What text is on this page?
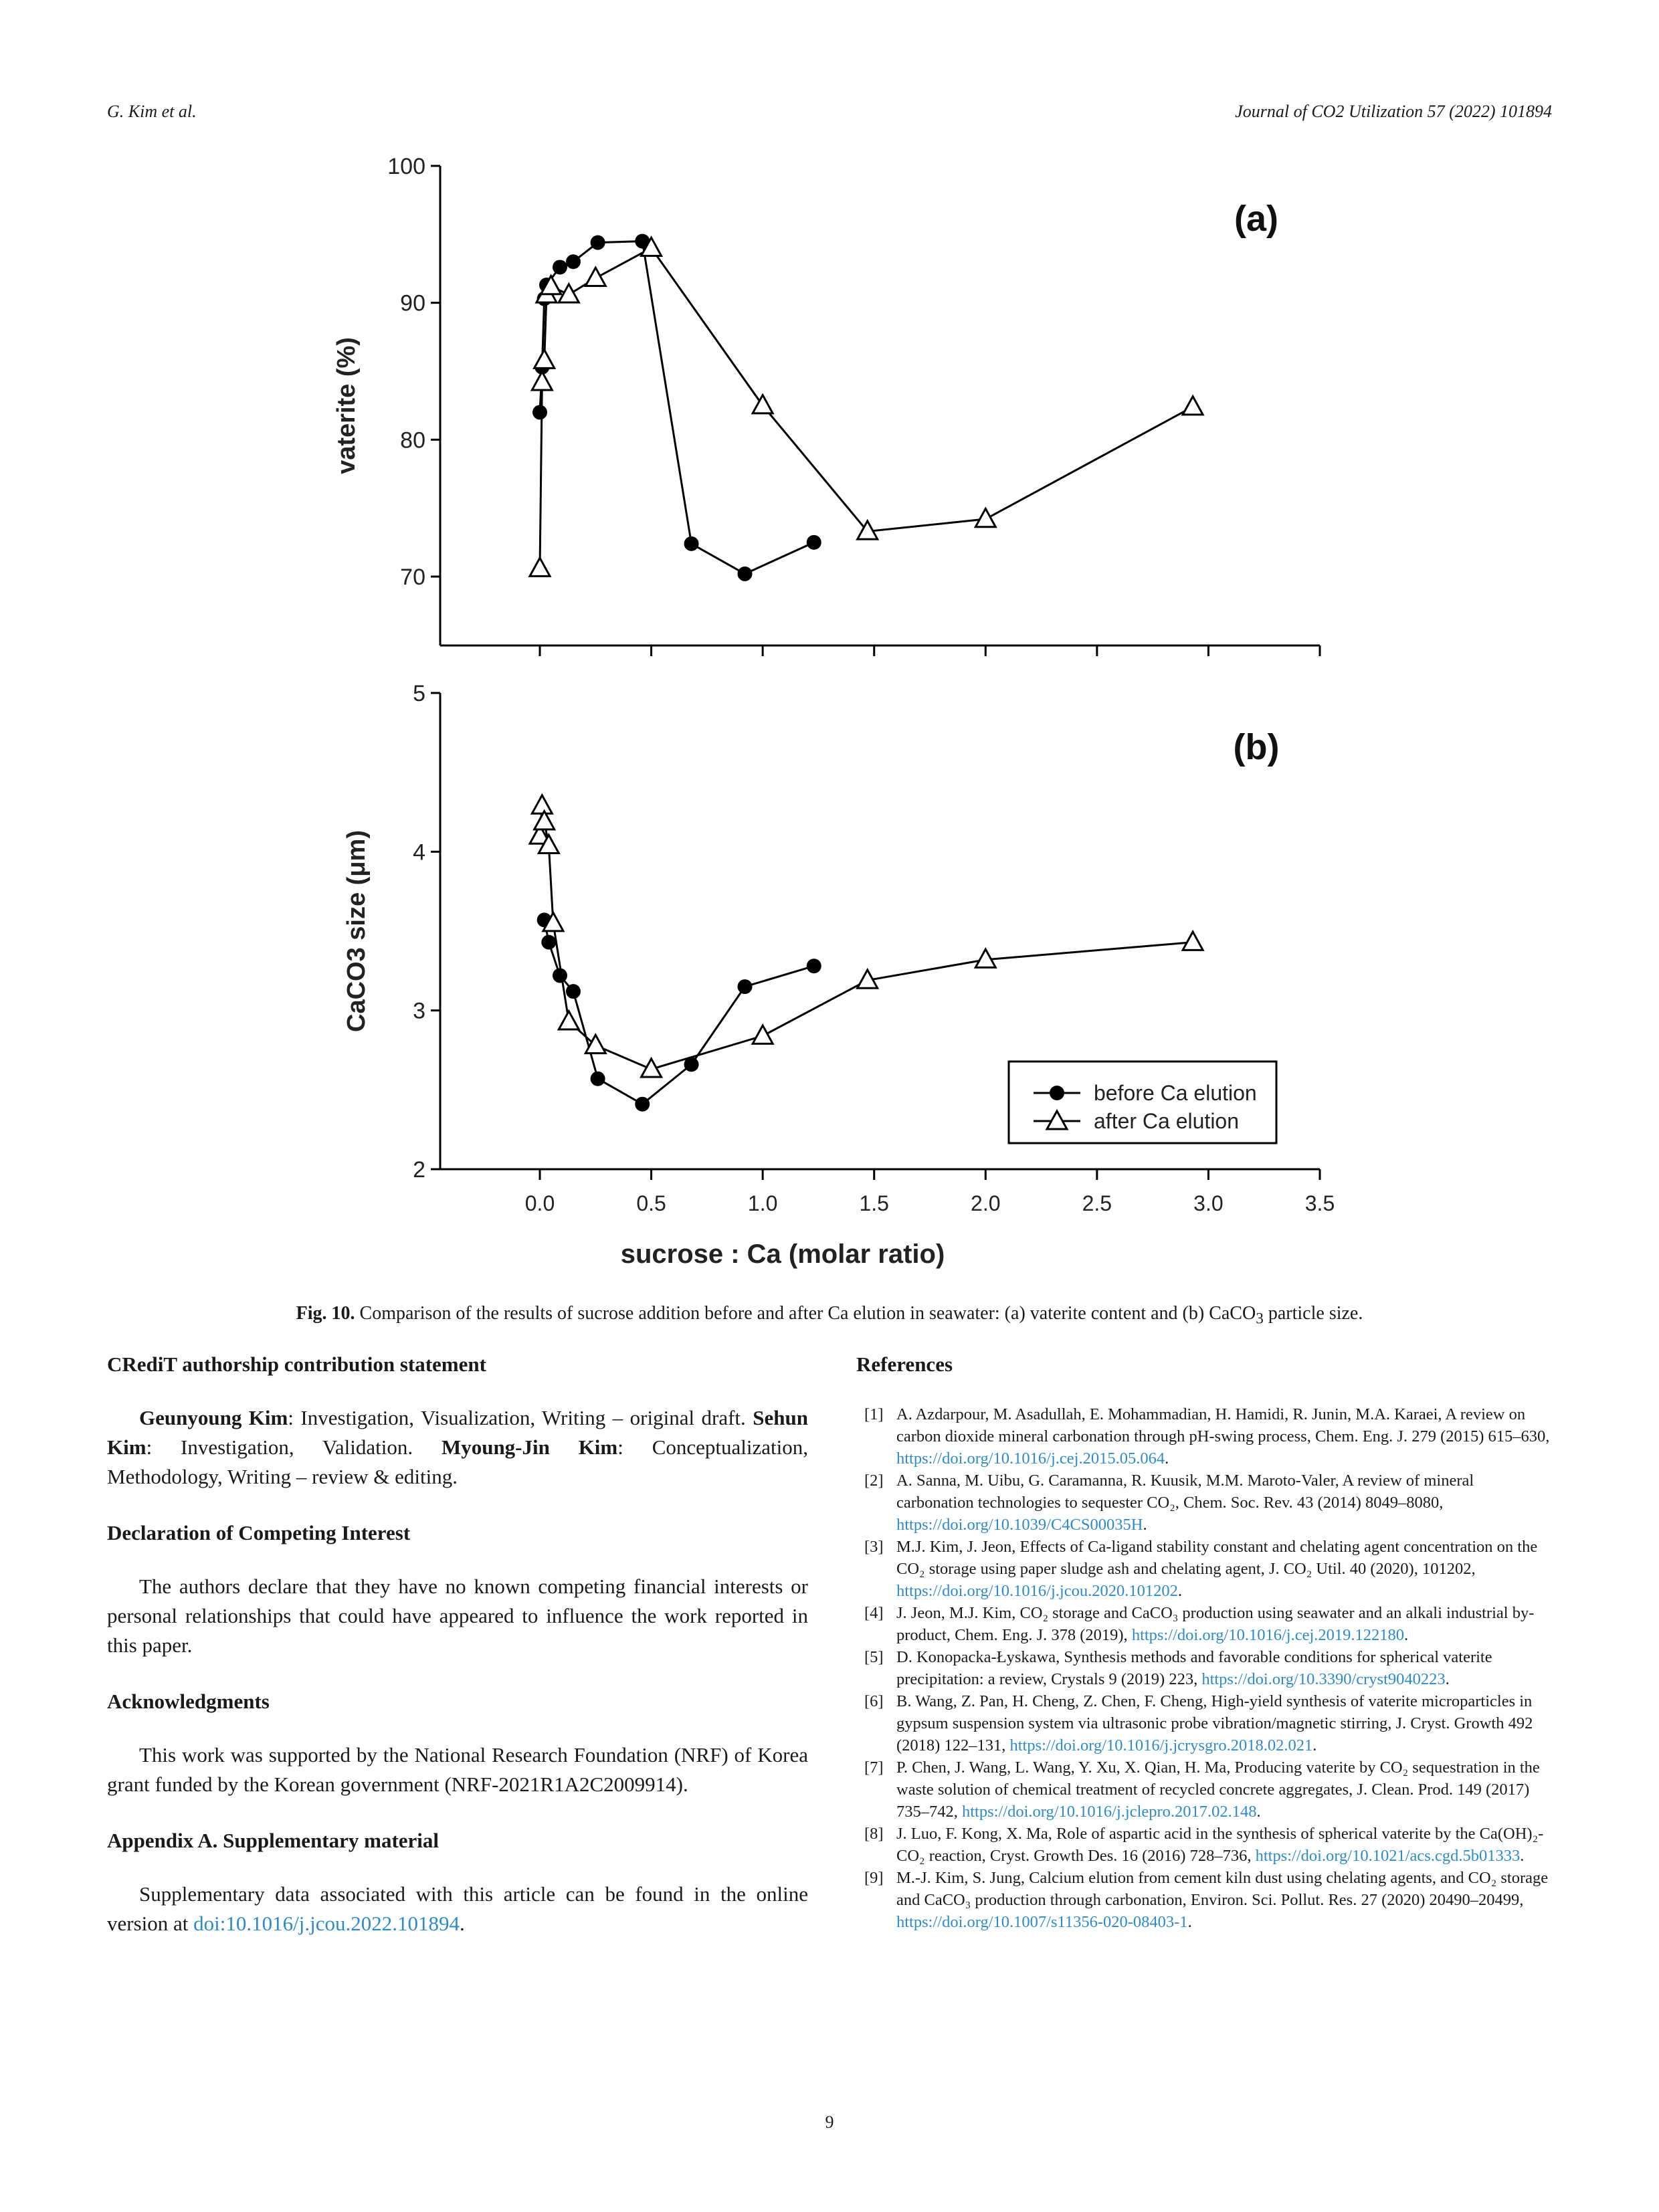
G. Kim et al.	Journal of CO2 Utilization 57 (2022) 101894
100
90
80
70
vaterite (%)
(a)
5
4
3
2
0.0	0.5	1.0	1.5	2.0	2.5	3.0	3.5
CaCO3 size (μm)
(b)
sucrose : Ca (molar ratio)
before Ca elution
after Ca elution
Fig. 10. Comparison of the results of sucrose addition before and after Ca elution in seawater: (a) vaterite content and (b) CaCO$_3$ particle size.
CRediT authorship contribution statement

Geunyoung Kim: Investigation, Visualization, Writing – original draft. Sehun Kim: Investigation, Validation. Myoung-Jin Kim: Conceptualization, Methodology, Writing – review & editing.

Declaration of Competing Interest

The authors declare that they have no known competing financial interests or personal relationships that could have appeared to influence the work reported in this paper.

Acknowledgments

This work was supported by the National Research Foundation (NRF) of Korea grant funded by the Korean government (NRF-2021R1A2C2009914).

Appendix A. Supplementary material

Supplementary data associated with this article can be found in the online version at doi:10.1016/j.jcou.2022.101894.

References
[1] A. Azdarpour, M. Asadullah, E. Mohammadian, H. Hamidi, R. Junin, M.A. Karaei, A review on carbon dioxide mineral carbonation through pH-swing process, Chem. Eng. J. 279 (2015) 615–630, https://doi.org/10.1016/j.cej.2015.05.064.
[2] A. Sanna, M. Uibu, G. Caramanna, R. Kuusik, M.M. Maroto-Valer, A review of mineral carbonation technologies to sequester CO₂, Chem. Soc. Rev. 43 (2014) 8049–8080, https://doi.org/10.1039/C4CS00035H.
[3] M.J. Kim, J. Jeon, Effects of Ca-ligand stability constant and chelating agent concentration on the CO₂ storage using paper sludge ash and chelating agent, J. CO₂ Util. 40 (2020), 101202, https://doi.org/10.1016/j.jcou.2020.101202.
[4] J. Jeon, M.J. Kim, CO₂ storage and CaCO₃ production using seawater and an alkali industrial by-product, Chem. Eng. J. 378 (2019), https://doi.org/10.1016/j.cej.2019.122180.
[5] D. Konopacka-Łyskawa, Synthesis methods and favorable conditions for spherical vaterite precipitation: a review, Crystals 9 (2019) 223, https://doi.org/10.3390/cryst9040223.
[6] B. Wang, Z. Pan, H. Cheng, Z. Chen, F. Cheng, High-yield synthesis of vaterite microparticles in gypsum suspension system via ultrasonic probe vibration/magnetic stirring, J. Cryst. Growth 492 (2018) 122–131, https://doi.org/10.1016/j.jcrysgro.2018.02.021.
[7] P. Chen, J. Wang, L. Wang, Y. Xu, X. Qian, H. Ma, Producing vaterite by CO₂ sequestration in the waste solution of chemical treatment of recycled concrete aggregates, J. Clean. Prod. 149 (2017) 735–742, https://doi.org/10.1016/j.jclepro.2017.02.148.
[8] J. Luo, F. Kong, X. Ma, Role of aspartic acid in the synthesis of spherical vaterite by the Ca(OH)₂-CO₂ reaction, Cryst. Growth Des. 16 (2016) 728–736, https://doi.org/10.1021/acs.cgd.5b01333.
[9] M.-J. Kim, S. Jung, Calcium elution from cement kiln dust using chelating agents, and CO₂ storage and CaCO₃ production through carbonation, Environ. Sci. Pollut. Res. 27 (2020) 20490–20499, https://doi.org/10.1007/s11356-020-08403-1.
9
